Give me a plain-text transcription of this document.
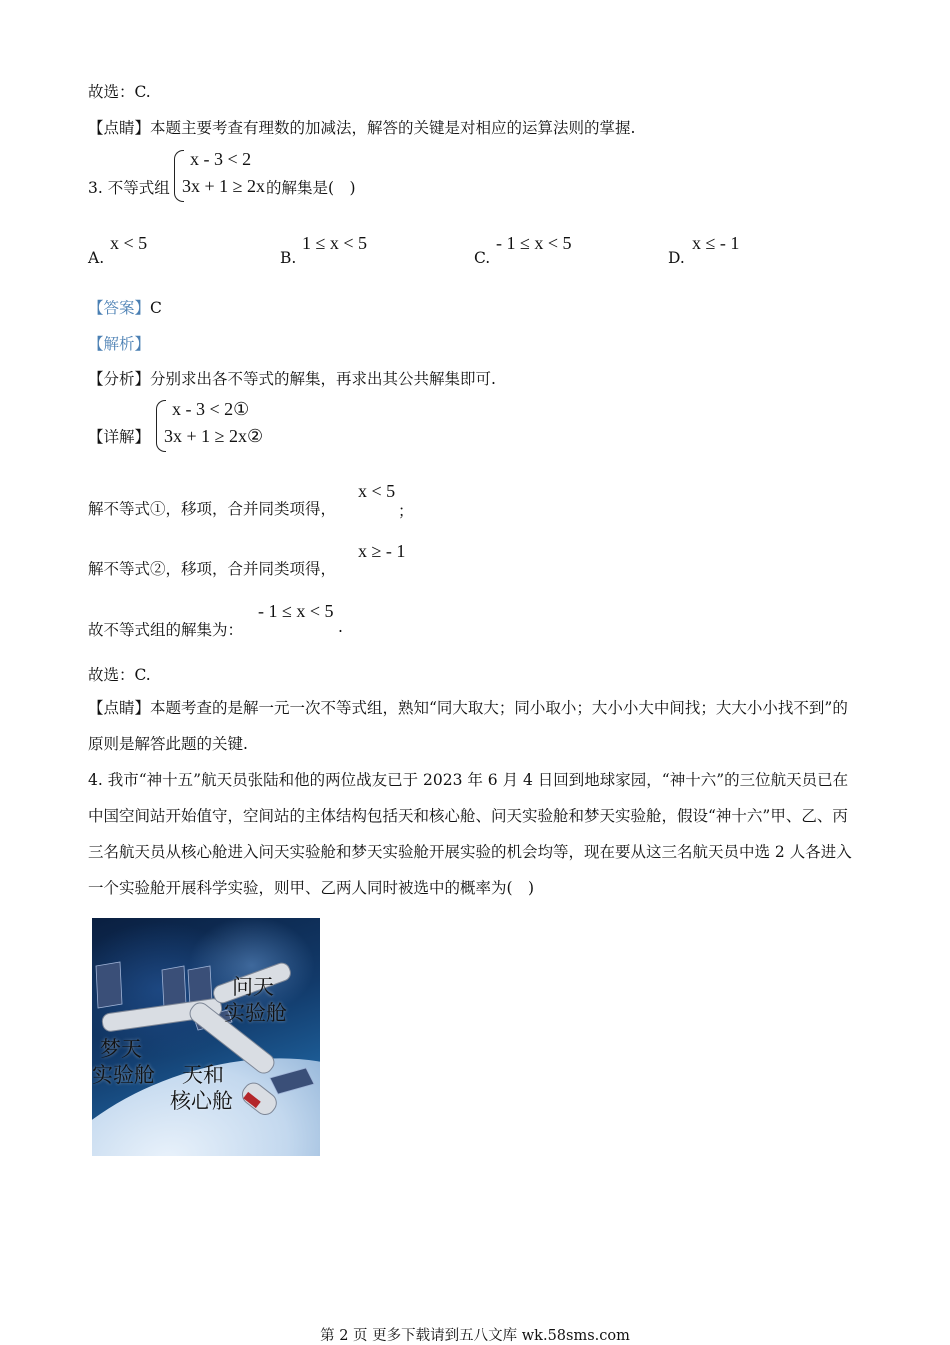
故选：C.
【点睛】本题主要考查有理数的加减法，解答的关键是对相应的运算法则的掌握.
3. 不等式组
x - 3 < 2
3x + 1 ≥ 2x 的解集是(　)
A.
x < 5
B.
1 ≤ x < 5
C.
- 1 ≤ x < 5
D.
x ≤ - 1
【答案】C
【解析】
【分析】分别求出各不等式的解集，再求出其公共解集即可.
【详解】
x - 3 < 2①
3x + 1 ≥ 2x②
解不等式①，移项，合并同类项得，
x < 5
；
解不等式②，移项，合并同类项得，
x ≥ - 1
故不等式组的解集为：
- 1 ≤ x < 5
.
故选：C.
【点睛】本题考查的是解一元一次不等式组，熟知“同大取大；同小取小；大小小大中间找；大大小小找不到”的原则是解答此题的关键.
4. 我市“神十五”航天员张陆和他的两位战友已于 2023 年 6 月 4 日回到地球家园，“神十六”的三位航天员已在中国空间站开始值守，空间站的主体结构包括天和核心舱、问天实验舱和梦天实验舱，假设“神十六”甲、乙、丙三名航天员从核心舱进入问天实验舱和梦天实验舱开展实验的机会均等，现在要从这三名航天员中选 2 人各进入一个实验舱开展科学实验，则甲、乙两人同时被选中的概率为(　)
问天
实验舱
梦天
实验舱 天和
核心舱
第 2 页 更多下载请到五八文库 wk.58sms.com
